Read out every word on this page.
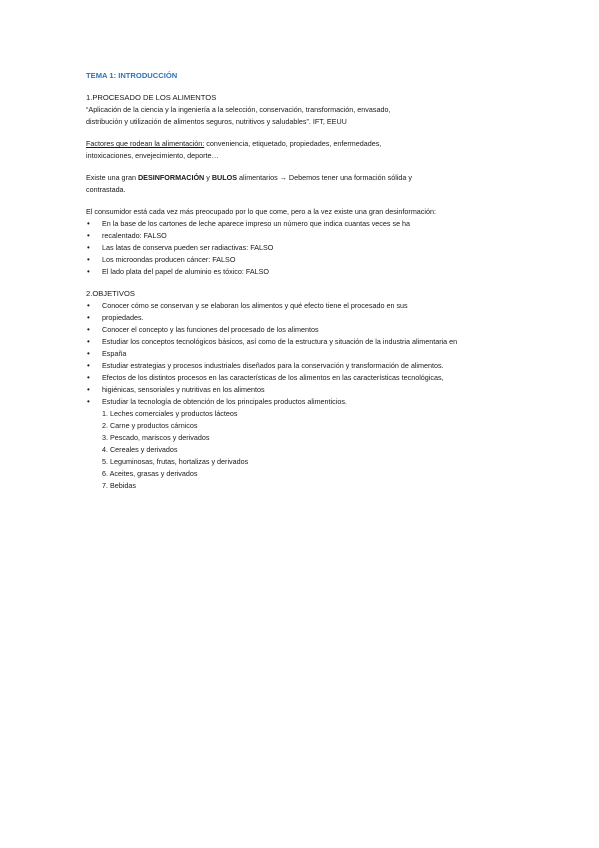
TEMA 1: INTRODUCCIÓN
1.PROCESADO DE LOS ALIMENTOS
“Aplicación de la ciencia y la ingeniería a la selección, conservación, transformación, envasado,
distribución y utilización de alimentos seguros, nutritivos y saludables”. IFT, EEUU
Factores que rodean la alimentación: conveniencia, etiquetado, propiedades, enfermedades,
intoxicaciones, envejecimiento, deporte…
Existe una gran DESINFORMACIÓN y BULOS alimentarios → Debemos tener una formación sólida y
contrastada.
El consumidor está cada vez más preocupado por lo que come, pero a la vez existe una gran desinformación:
• En la base de los cartones de leche aparece impreso un número que indica cuantas veces se ha
• recalentado: FALSO
• Las latas de conserva pueden ser radiactivas: FALSO
• Los microondas producen cáncer: FALSO
• El lado plata del papel de aluminio es tóxico: FALSO
2.OBJETIVOS
• Conocer cómo se conservan y se elaboran los alimentos y qué efecto tiene el procesado en sus
• propiedades.
• Conocer el concepto y las funciones del procesado de los alimentos
• Estudiar los conceptos tecnológicos básicos, así como de la estructura y situación de la industria alimentaria en
• España
• Estudiar estrategias y procesos industriales diseñados para la conservación y transformación de alimentos.
• Efectos de los distintos procesos en las características de los alimentos en las características tecnológicas,
• higiénicas, sensoriales y nutritivas en los alimentos
• Estudiar la tecnología de obtención de los principales productos alimenticios.
1. Leches comerciales y productos lácteos
2. Carne y productos cárnicos
3. Pescado, mariscos y derivados
4. Cereales y derivados
5. Leguminosas, frutas, hortalizas y derivados
6. Aceites, grasas y derivados
7. Bebidas
